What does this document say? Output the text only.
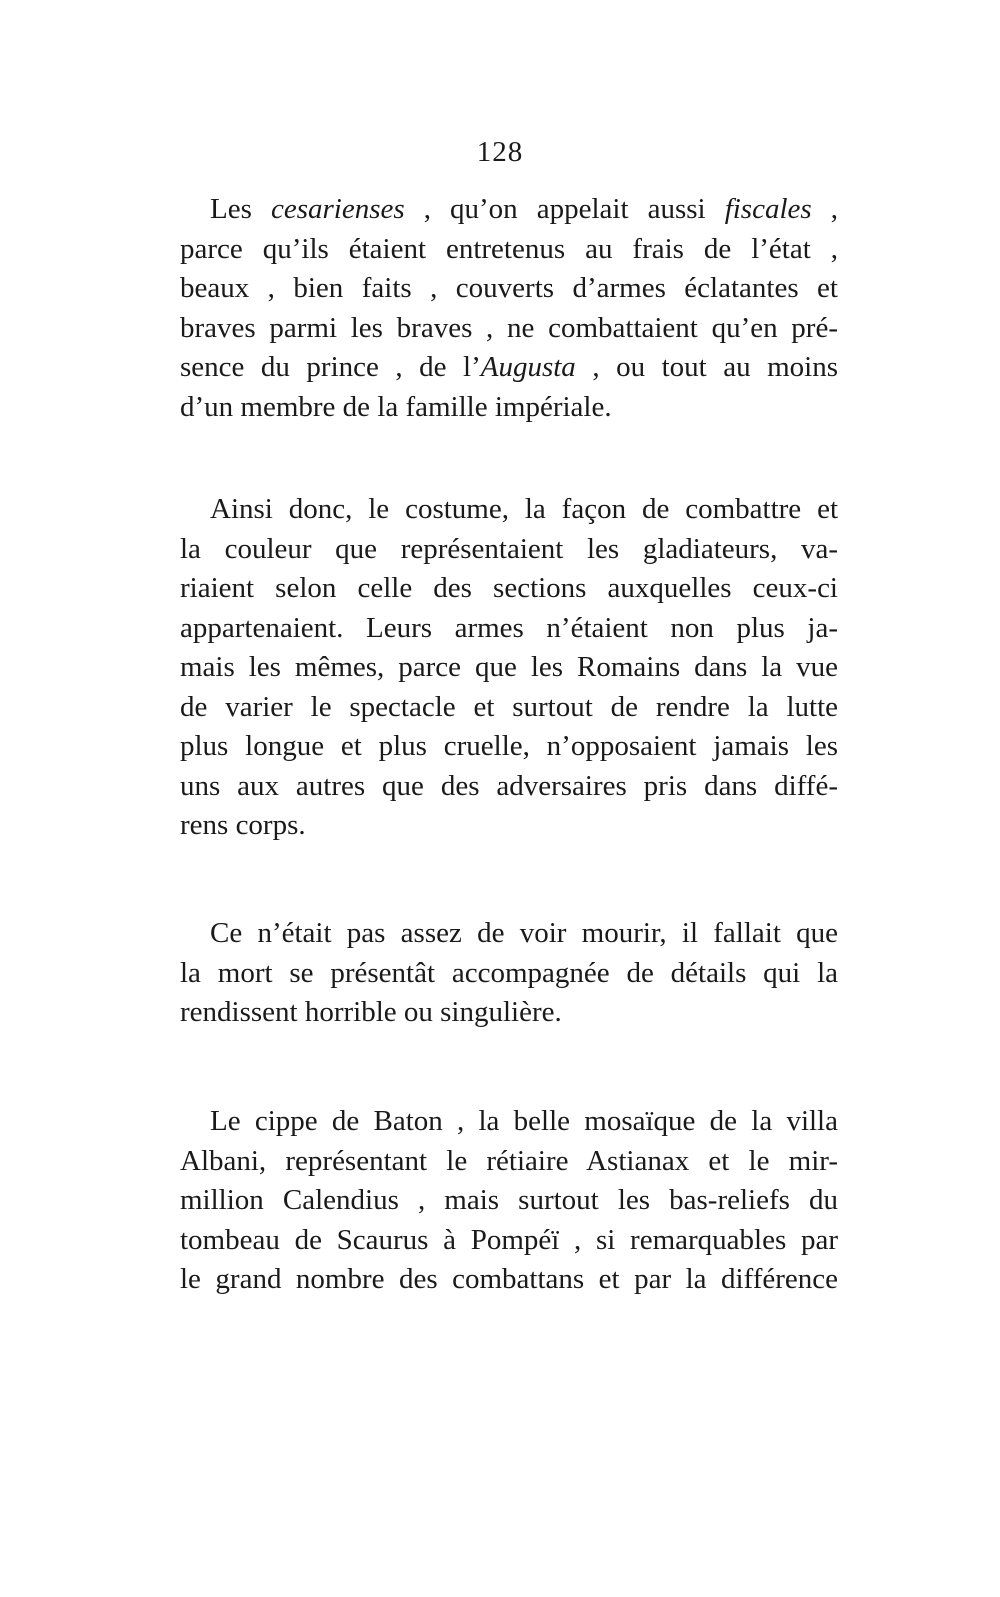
128
Les cesarienses , qu’on appelait aussi fiscales ,
parce qu’ils étaient entretenus au frais de l’état ,
beaux , bien faits , couverts d’armes éclatantes et
braves parmi les braves , ne combattaient qu’en pré-
sence du prince , de l’Augusta , ou tout au moins
d’un membre de la famille impériale.
Ainsi donc, le costume, la façon de combattre et
la couleur que représentaient les gladiateurs, va-
riaient selon celle des sections auxquelles ceux-ci
appartenaient. Leurs armes n’étaient non plus ja-
mais les mêmes, parce que les Romains dans la vue
de varier le spectacle et surtout de rendre la lutte
plus longue et plus cruelle, n’opposaient jamais les
uns aux autres que des adversaires pris dans diffé-
rens corps.
Ce n’était pas assez de voir mourir, il fallait que
la mort se présentât accompagnée de détails qui la
rendissent horrible ou singulière.
Le cippe de Baton , la belle mosaïque de la villa
Albani, représentant le rétiaire Astianax et le mir-
million Calendius , mais surtout les bas-reliefs du
tombeau de Scaurus à Pompéï , si remarquables par
le grand nombre des combattans et par la différence
